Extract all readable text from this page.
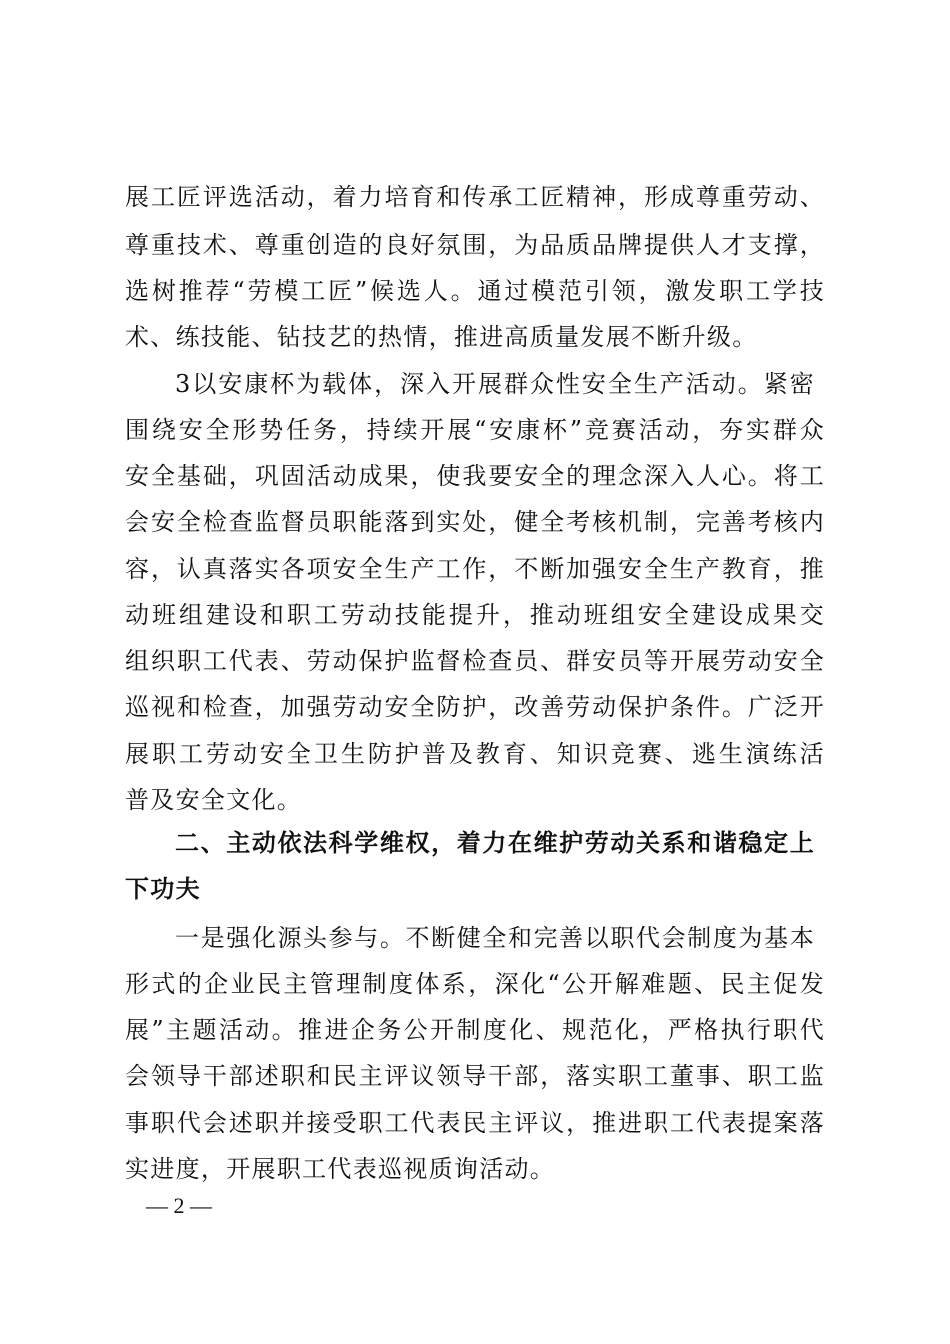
展工匠评选活动，着力培育和传承工匠精神，形成尊重劳动、
尊重技术、尊重创造的良好氛围，为品质品牌提供人才支撑，
选树推荐“劳模工匠”候选人。通过模范引领，激发职工学技
术、练技能、钻技艺的热情，推进高质量发展不断升级。
3以安康杯为载体，深入开展群众性安全生产活动。紧密
围绕安全形势任务，持续开展“安康杯”竞赛活动，夯实群众
安全基础，巩固活动成果，使我要安全的理念深入人心。将工
会安全检查监督员职能落到实处，健全考核机制，完善考核内
容，认真落实各项安全生产工作，不断加强安全生产教育，推
动班组建设和职工劳动技能提升，推动班组安全建设成果交
组织职工代表、劳动保护监督检查员、群安员等开展劳动安全
巡视和检查，加强劳动安全防护，改善劳动保护条件。广泛开
展职工劳动安全卫生防护普及教育、知识竞赛、逃生演练活
普及安全文化。
二、主动依法科学维权，着力在维护劳动关系和谐稳定上
下功夫
一是强化源头参与。不断健全和完善以职代会制度为基本
形式的企业民主管理制度体系，深化“公开解难题、民主促发
展”主题活动。推进企务公开制度化、规范化，严格执行职代
会领导干部述职和民主评议领导干部，落实职工董事、职工监
事职代会述职并接受职工代表民主评议，推进职工代表提案落
实进度，开展职工代表巡视质询活动。
— 2 —
